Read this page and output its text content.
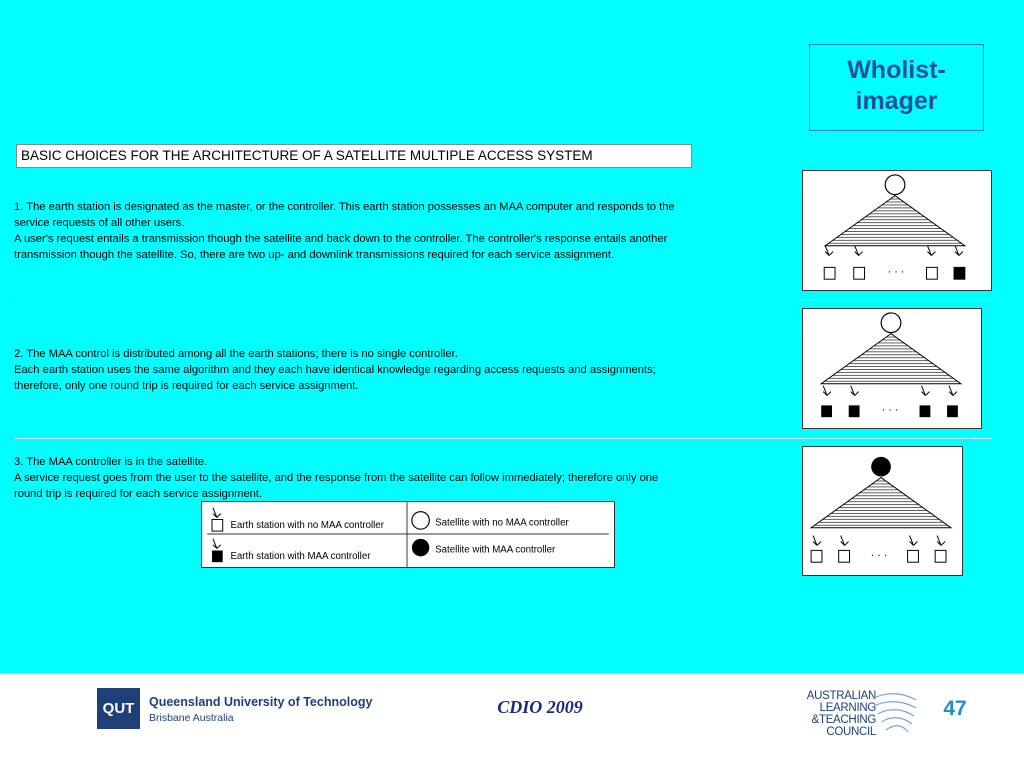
Wholist-
imager
BASIC CHOICES FOR THE ARCHITECTURE OF A SATELLITE MULTIPLE ACCESS SYSTEM

1. The earth station is designated as the master, or the controller. This earth station possesses an MAA computer and responds to the

service requests of all other users.

A user's request entails a transmission though the satellite and back down to the controller. The controller's response entails another

transmission though the satellite. So, there are two up- and downlink transmissions required for each service assignment.

2. The MAA control is distributed among all the earth stations; there is no single controller.

Each earth station uses the same algorithm and they each have identical knowledge regarding access requests and assignments;

therefore, only one round trip is required for each service assignment.

3. The MAA controller is in the satellite.

A service request goes from the user to the satellite, and the response from the satellite can follow immediately; therefore only one

round trip is required for each service assignment.

· · ·
· · ·
· · ·
Earth station with no MAA controller
Earth station with MAA controller
Satellite with no MAA controller
Satellite with MAA controller
QUT	Queensland University of Technology
Brisbane Australia
CDIO 2009
AUSTRALIAN
LEARNING
&TEACHING
COUNCIL
47
